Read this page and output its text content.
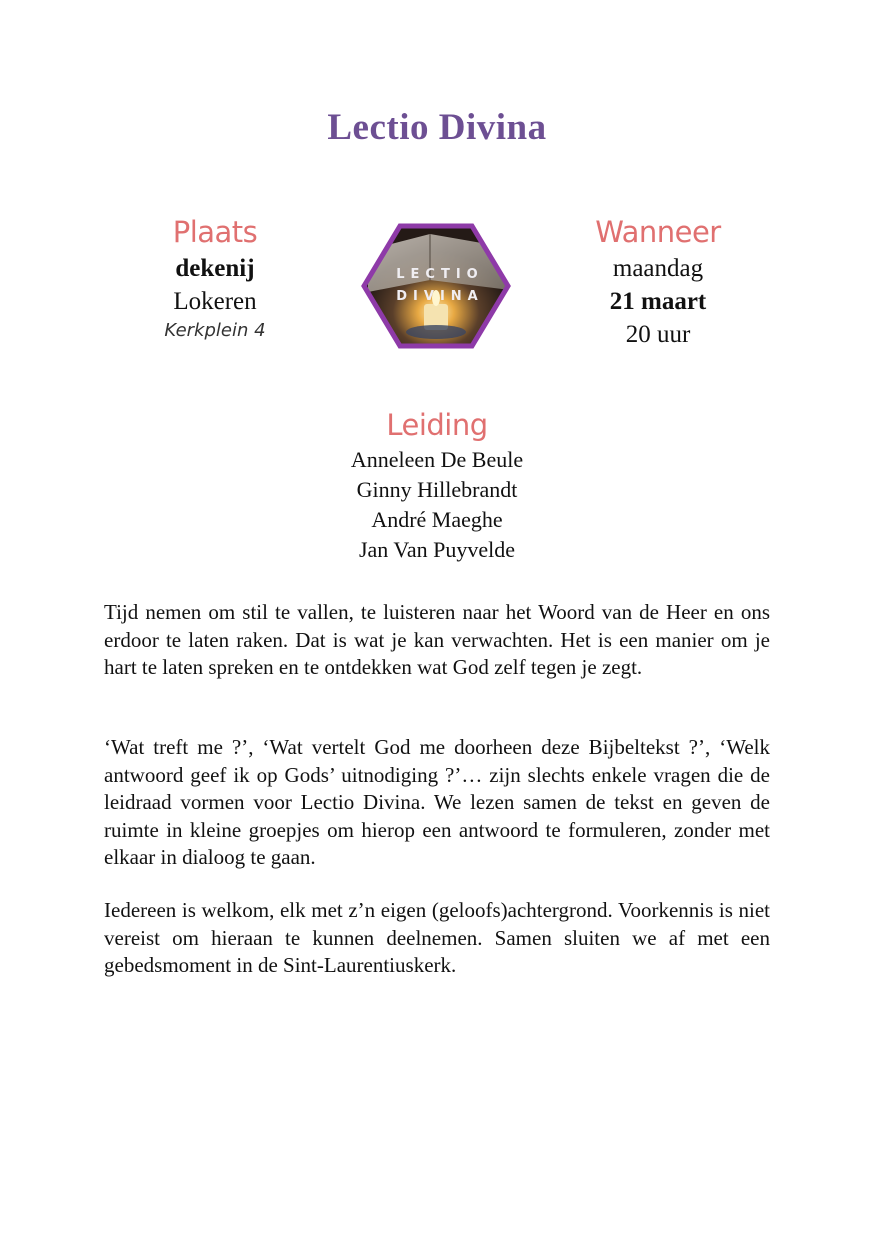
Lectio Divina
Plaats
dekenij
Lokeren
Kerkplein 4
LECTIO
DIVINA
Wanneer
maandag
21 maart
20 uur
Leiding
Anneleen De Beule
Ginny Hillebrandt
André Maeghe
Jan Van Puyvelde
Tijd nemen om stil te vallen, te luisteren naar het Woord van de Heer en ons erdoor te laten raken. Dat is wat je kan verwachten. Het is een manier om je hart te laten spreken en te ontdekken wat God zelf tegen je zegt.
‘Wat treft me ?’, ‘Wat vertelt God me doorheen deze Bijbeltekst ?’, ‘Welk antwoord geef ik op Gods’ uitnodiging ?’… zijn slechts enkele vragen die de leidraad vormen voor Lectio Divina. We lezen samen de tekst en geven de ruimte in kleine groepjes om hierop een antwoord te formuleren, zonder met elkaar in dialoog te gaan.
Iedereen is welkom, elk met z’n eigen (geloofs)achtergrond. Voorkennis is niet vereist om hieraan te kunnen deelnemen. Samen sluiten we af met een gebedsmoment in de Sint-Laurentiuskerk.
